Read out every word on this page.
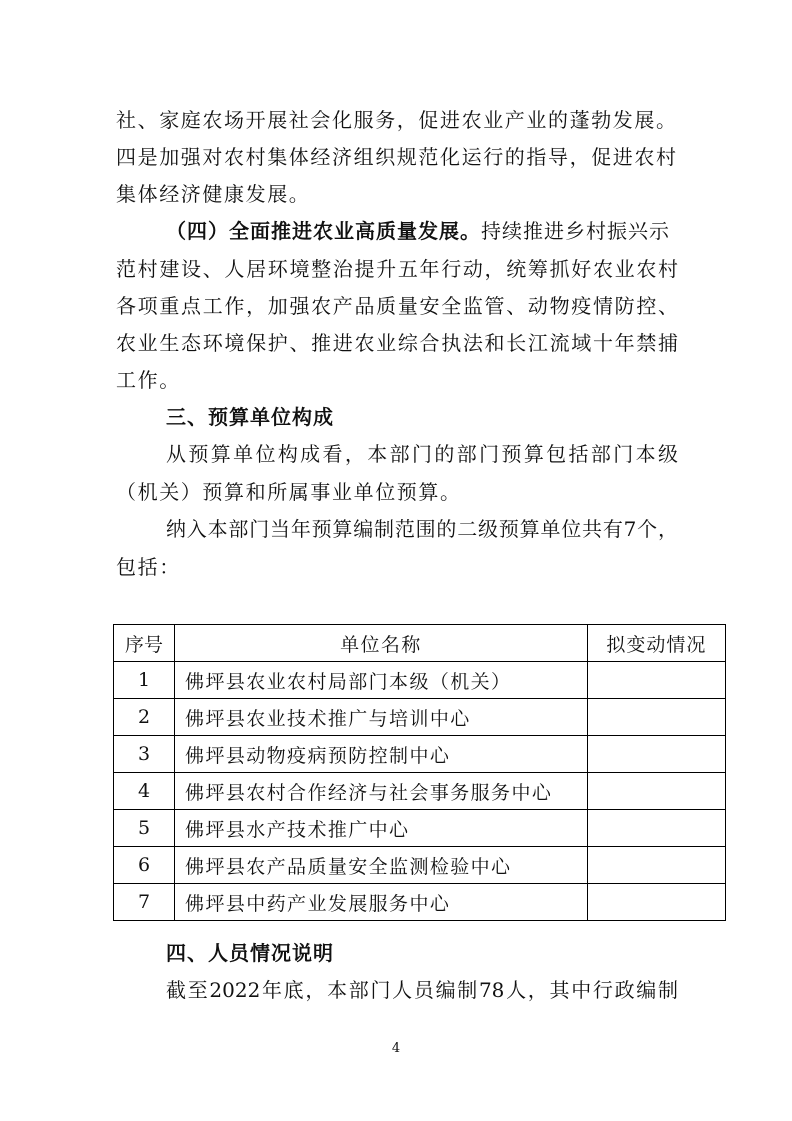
社、家庭农场开展社会化服务，促进农业产业的蓬勃发展。
四是加强对农村集体经济组织规范化运行的指导，促进农村
集体经济健康发展。
（四）全面推进农业高质量发展。持续推进乡村振兴示
范村建设、人居环境整治提升五年行动，统筹抓好农业农村
各项重点工作，加强农产品质量安全监管、动物疫情防控、
农业生态环境保护、推进农业综合执法和长江流域十年禁捕
工作。
三、预算单位构成
从预算单位构成看，本部门的部门预算包括部门本级
（机关）预算和所属事业单位预算。
纳入本部门当年预算编制范围的二级预算单位共有7个，
包括：
序号	单位名称	拟变动情况
1	佛坪县农业农村局部门本级（机关）	
2	佛坪县农业技术推广与培训中心	
3	佛坪县动物疫病预防控制中心	
4	佛坪县农村合作经济与社会事务服务中心	
5	佛坪县水产技术推广中心	
6	佛坪县农产品质量安全监测检验中心	
7	佛坪县中药产业发展服务中心	
四、人员情况说明
截至2022年底，本部门人员编制78人，其中行政编制
4
